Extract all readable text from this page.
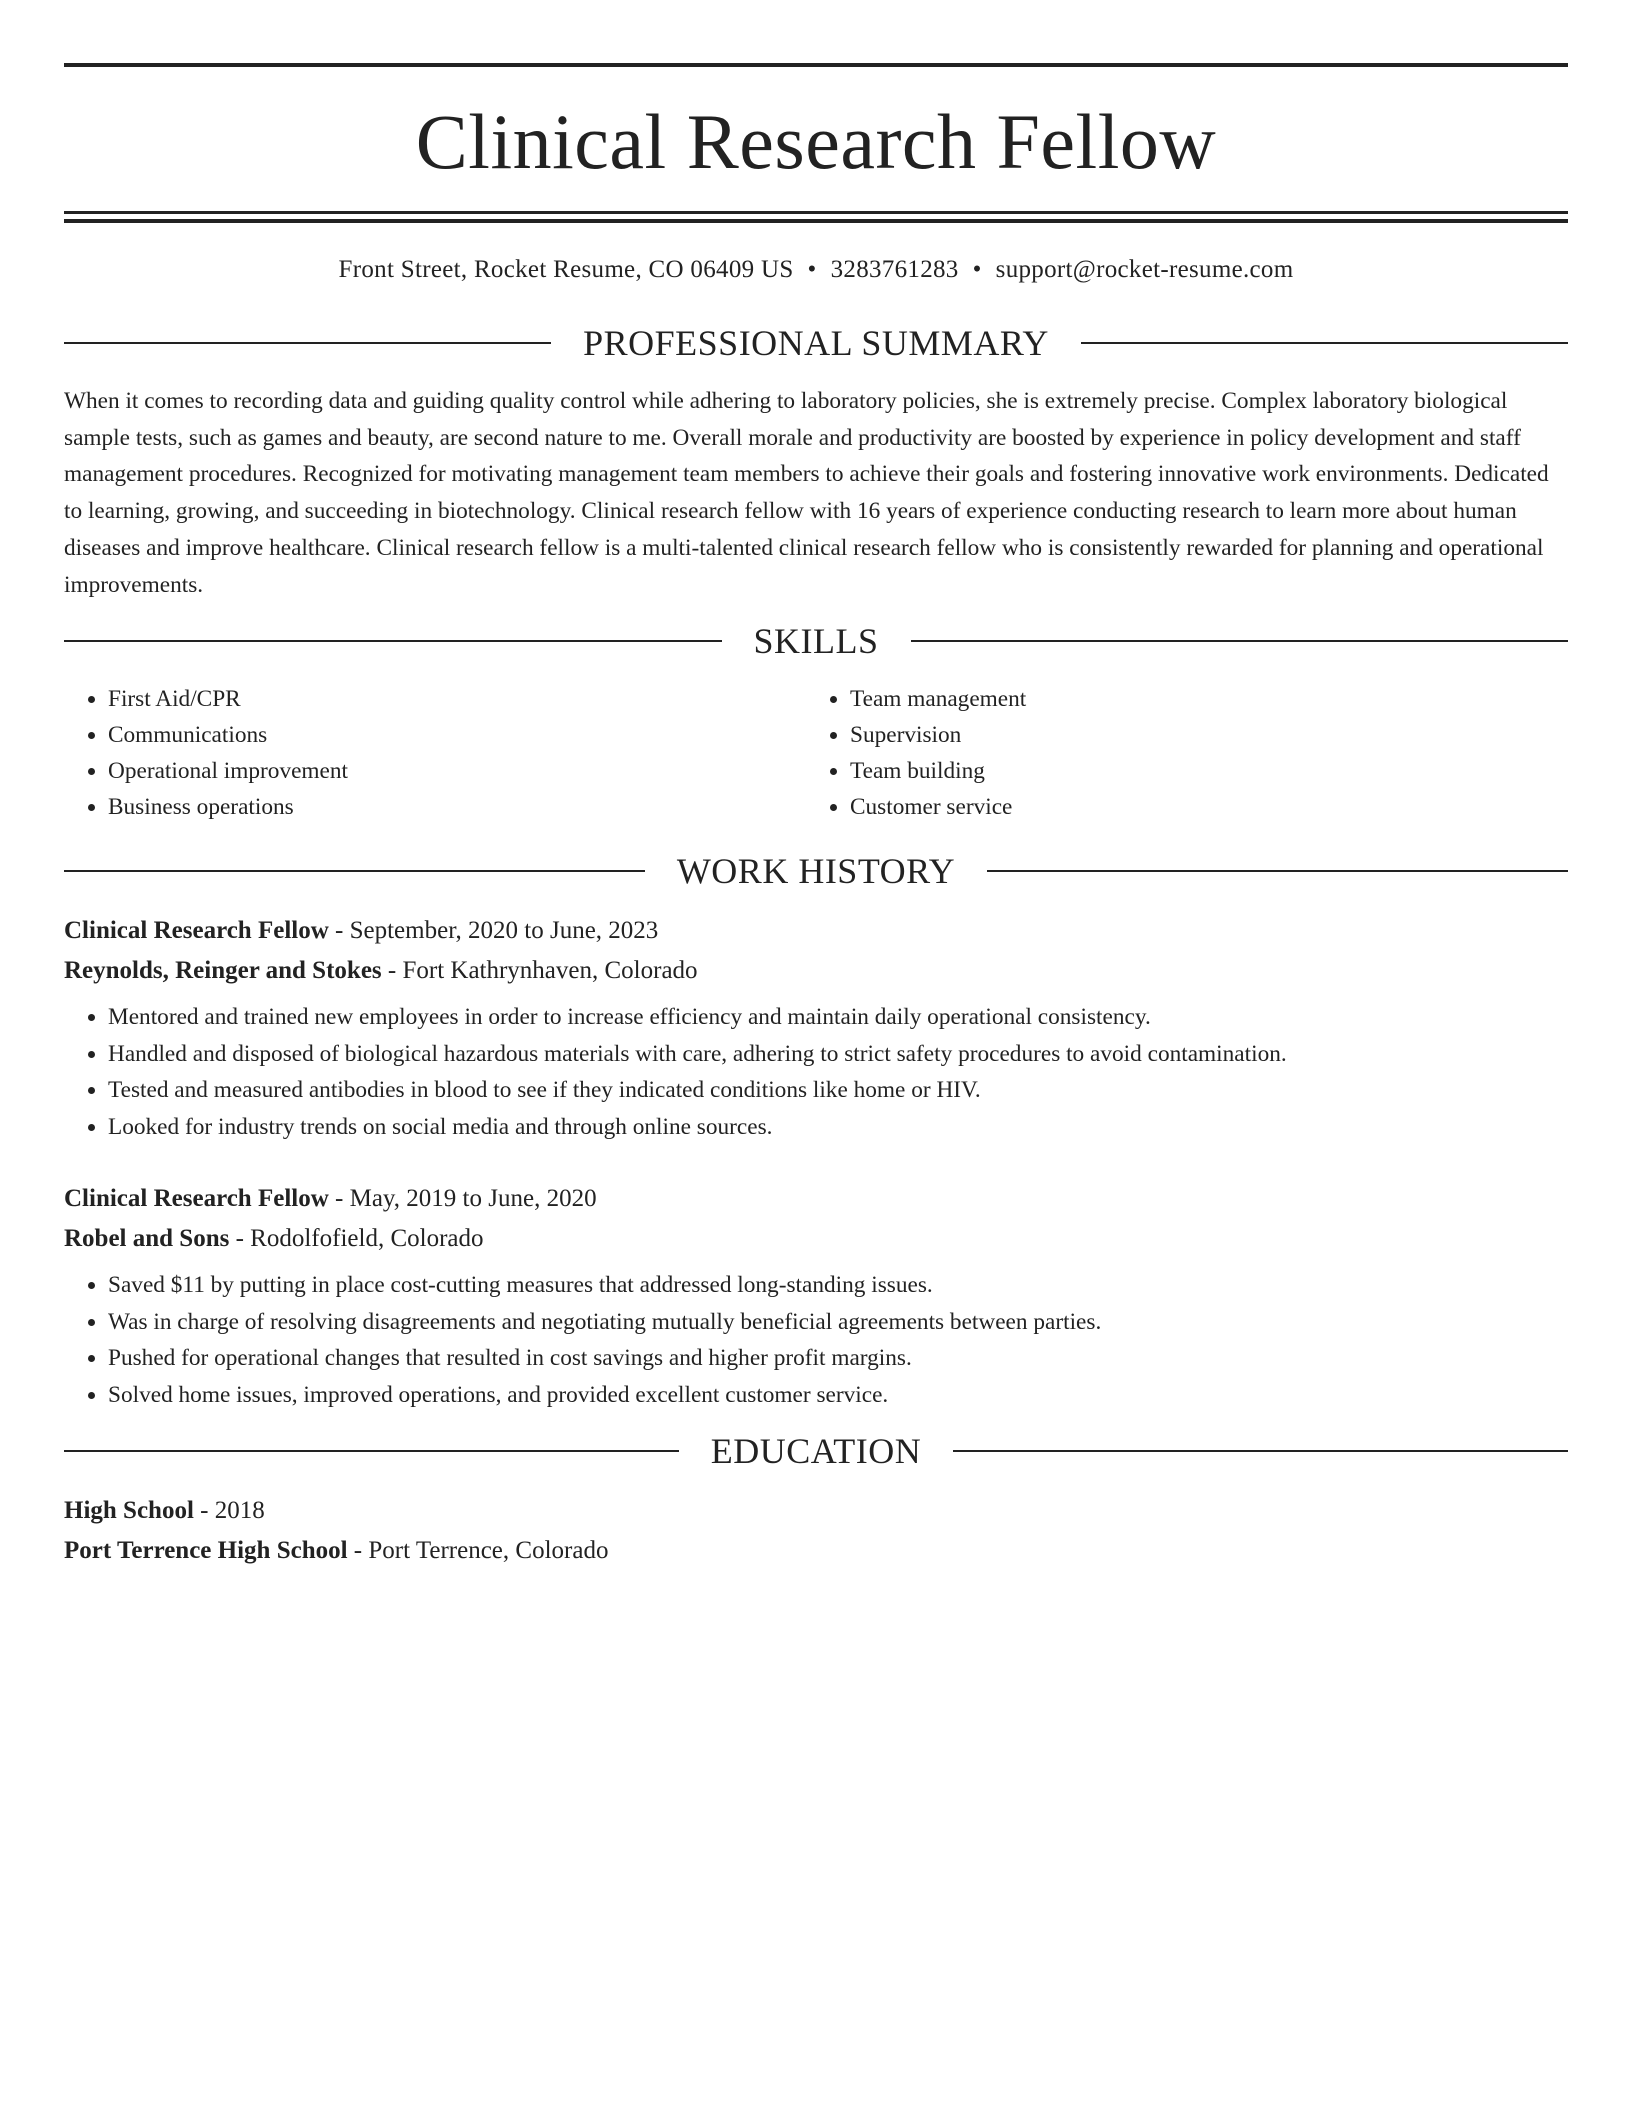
Clinical Research Fellow
Front Street, Rocket Resume, CO 06409 US • 3283761283 • support@rocket-resume.com
PROFESSIONAL SUMMARY
When it comes to recording data and guiding quality control while adhering to laboratory policies, she is extremely precise. Complex laboratory biological sample tests, such as games and beauty, are second nature to me. Overall morale and productivity are boosted by experience in policy development and staff management procedures. Recognized for motivating management team members to achieve their goals and fostering innovative work environments. Dedicated to learning, growing, and succeeding in biotechnology. Clinical research fellow with 16 years of experience conducting research to learn more about human diseases and improve healthcare. Clinical research fellow is a multi-talented clinical research fellow who is consistently rewarded for planning and operational improvements.
SKILLS
• First Aid/CPR
• Communications
• Operational improvement
• Business operations
• Team management
• Supervision
• Team building
• Customer service
WORK HISTORY
Clinical Research Fellow - September, 2020 to June, 2023
Reynolds, Reinger and Stokes - Fort Kathrynhaven, Colorado
• Mentored and trained new employees in order to increase efficiency and maintain daily operational consistency.
• Handled and disposed of biological hazardous materials with care, adhering to strict safety procedures to avoid contamination.
• Tested and measured antibodies in blood to see if they indicated conditions like home or HIV.
• Looked for industry trends on social media and through online sources.
Clinical Research Fellow - May, 2019 to June, 2020
Robel and Sons - Rodolfofield, Colorado
• Saved $11 by putting in place cost-cutting measures that addressed long-standing issues.
• Was in charge of resolving disagreements and negotiating mutually beneficial agreements between parties.
• Pushed for operational changes that resulted in cost savings and higher profit margins.
• Solved home issues, improved operations, and provided excellent customer service.
EDUCATION
High School - 2018
Port Terrence High School - Port Terrence, Colorado
